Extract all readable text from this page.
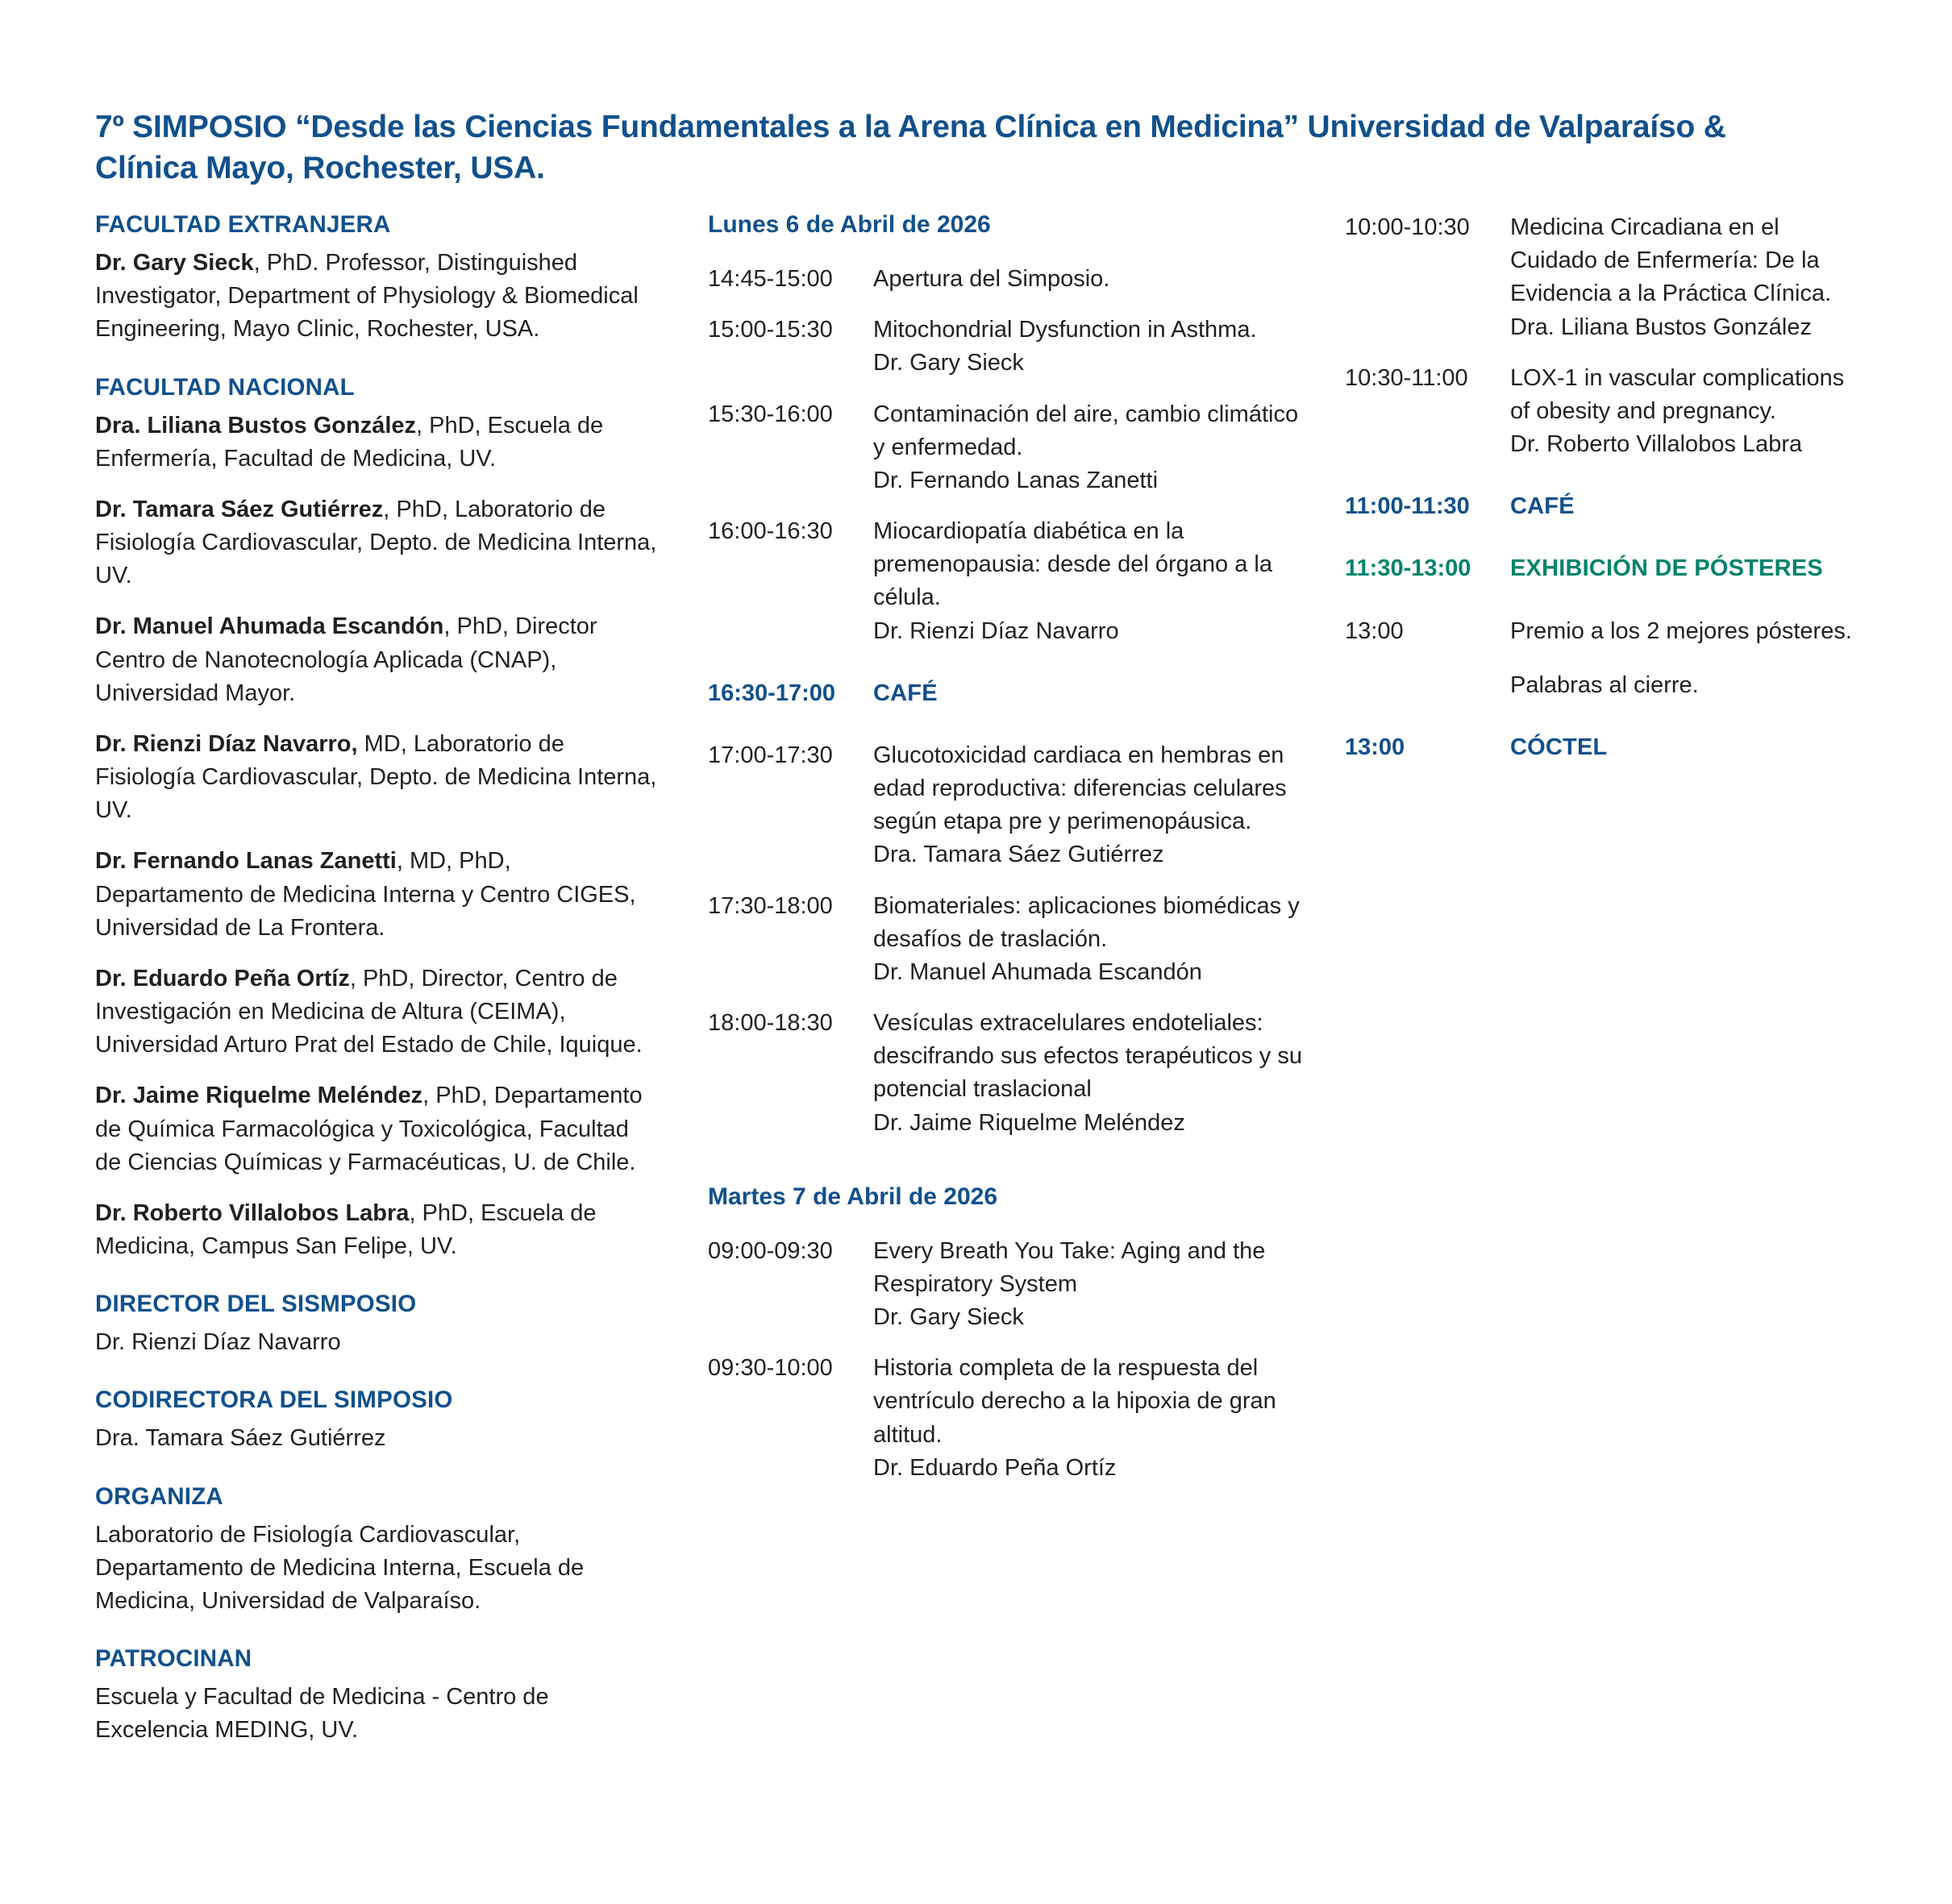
7º SIMPOSIO “Desde las Ciencias Fundamentales a la Arena Clínica en Medicina” Universidad de Valparaíso & Clínica Mayo, Rochester, USA.
FACULTAD EXTRANJERA
Dr. Gary Sieck, PhD. Professor, Distinguished Investigator, Department of Physiology & Biomedical Engineering, Mayo Clinic, Rochester, USA.
FACULTAD NACIONAL
Dra. Liliana Bustos González, PhD, Escuela de Enfermería, Facultad de Medicina, UV.
Dr. Tamara Sáez Gutiérrez, PhD, Laboratorio de Fisiología Cardiovascular, Depto. de Medicina Interna, UV.
Dr. Manuel Ahumada Escandón, PhD, Director Centro de Nanotecnología Aplicada (CNAP), Universidad Mayor.
Dr. Rienzi Díaz Navarro, MD, Laboratorio de Fisiología Cardiovascular, Depto. de Medicina Interna, UV.
Dr. Fernando Lanas Zanetti, MD, PhD, Departamento de Medicina Interna y Centro CIGES, Universidad de La Frontera.
Dr. Eduardo Peña Ortíz, PhD, Director, Centro de Investigación en Medicina de Altura (CEIMA), Universidad Arturo Prat del Estado de Chile, Iquique.
Dr. Jaime Riquelme Meléndez, PhD, Departamento de Química Farmacológica y Toxicológica, Facultad de Ciencias Químicas y Farmacéuticas, U. de Chile.
Dr. Roberto Villalobos Labra, PhD, Escuela de Medicina, Campus San Felipe, UV.
DIRECTOR DEL SISMPOSIO
Dr. Rienzi Díaz Navarro
CODIRECTORA DEL SIMPOSIO
Dra. Tamara Sáez Gutiérrez
ORGANIZA
Laboratorio de Fisiología Cardiovascular, Departamento de Medicina Interna, Escuela de Medicina, Universidad de Valparaíso.
PATROCINAN
Escuela y Facultad de Medicina - Centro de Excelencia MEDING, UV.
Lunes 6 de Abril de 2026
14:45-15:00	Apertura del Simposio.
15:00-15:30	Mitochondrial Dysfunction in Asthma.
Dr. Gary Sieck
15:30-16:00	Contaminación del aire, cambio climático y enfermedad.
Dr. Fernando Lanas Zanetti
16:00-16:30	Miocardiopatía diabética en la premenopausia: desde del órgano a la célula.
Dr. Rienzi Díaz Navarro
16:30-17:00	CAFÉ
17:00-17:30	Glucotoxicidad cardiaca en hembras en edad reproductiva: diferencias celulares según etapa pre y perimenopáusica.
Dra. Tamara Sáez Gutiérrez
17:30-18:00	Biomateriales: aplicaciones biomédicas y desafíos de traslación.
Dr. Manuel Ahumada Escandón
18:00-18:30	Vesículas extracelulares endoteliales: descifrando sus efectos terapéuticos y su potencial traslacional
Dr. Jaime Riquelme Meléndez
Martes 7 de Abril de 2026
09:00-09:30	Every Breath You Take: Aging and the Respiratory System
Dr. Gary Sieck
09:30-10:00	Historia completa de la respuesta del ventrículo derecho a la hipoxia de gran altitud.
Dr. Eduardo Peña Ortíz
10:00-10:30	Medicina Circadiana en el Cuidado de Enfermería: De la Evidencia a la Práctica Clínica.
Dra. Liliana Bustos González
10:30-11:00	LOX-1 in vascular complications of obesity and pregnancy.
Dr. Roberto Villalobos Labra
11:00-11:30	CAFÉ
11:30-13:00	EXHIBICIÓN DE PÓSTERES
13:00	Premio a los 2 mejores pósteres.
Palabras al cierre.
13:00	CÓCTEL
